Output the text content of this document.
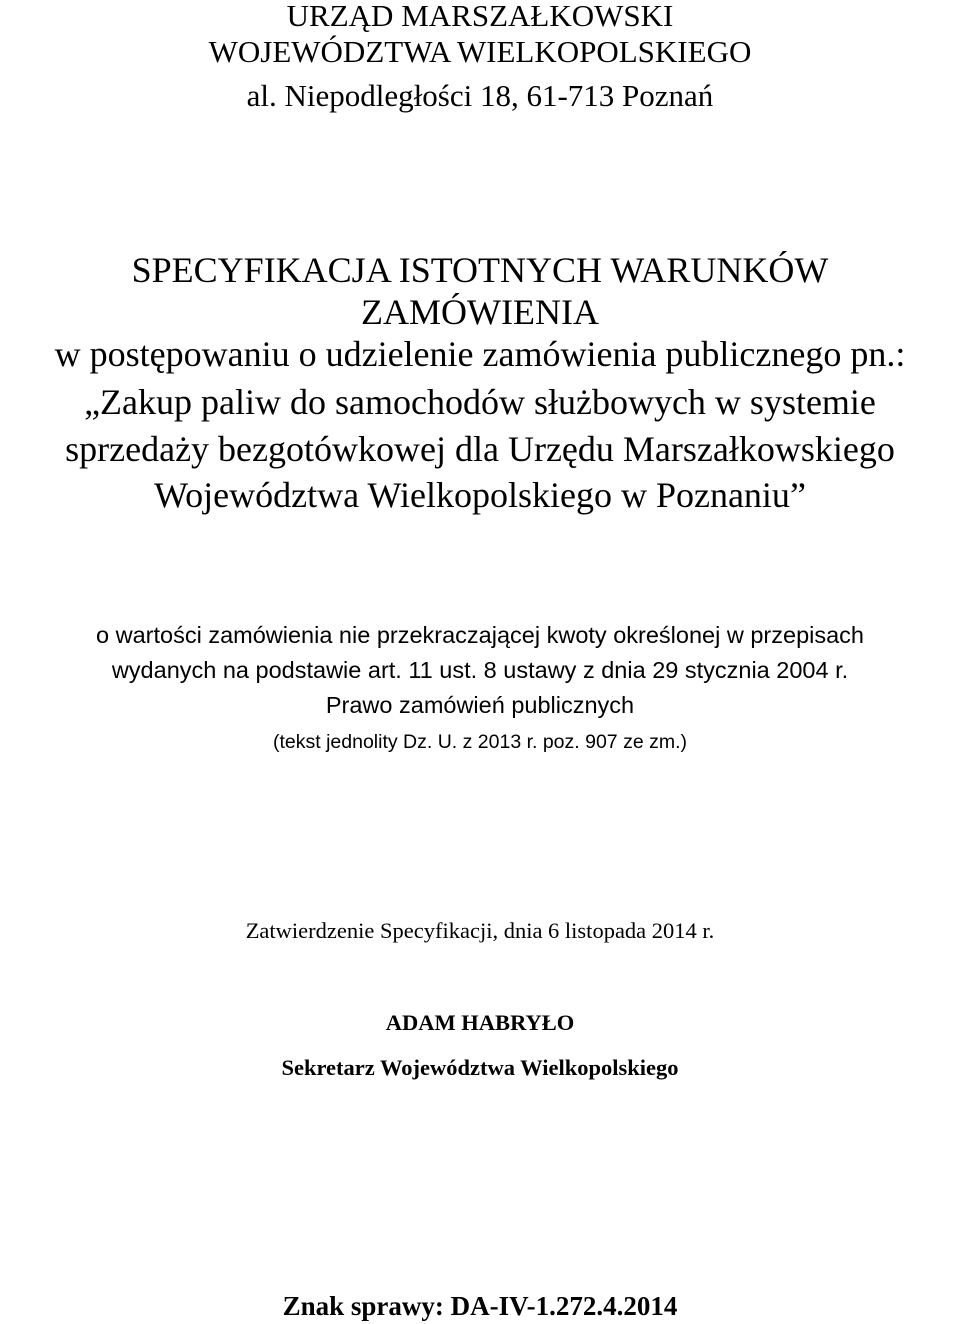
URZĄD MARSZAŁKOWSKI
WOJEWÓDZTWA WIELKOPOLSKIEGO
al. Niepodległości 18, 61-713 Poznań
SPECYFIKACJA ISTOTNYCH WARUNKÓW
ZAMÓWIENIA
w postępowaniu o udzielenie zamówienia publicznego pn.:
„Zakup paliw do samochodów służbowych w systemie
sprzedaży bezgotówkowej dla Urzędu Marszałkowskiego
Województwa Wielkopolskiego w Poznaniu”
o wartości zamówienia nie przekraczającej kwoty określonej w przepisach
wydanych na podstawie art. 11 ust. 8 ustawy z dnia 29 stycznia 2004 r.
Prawo zamówień publicznych
(tekst jednolity Dz. U. z 2013 r. poz. 907 ze zm.)
Zatwierdzenie Specyfikacji, dnia 6 listopada 2014 r.
ADAM HABRYŁO
Sekretarz Województwa Wielkopolskiego
Znak sprawy: DA-IV-1.272.4.2014
